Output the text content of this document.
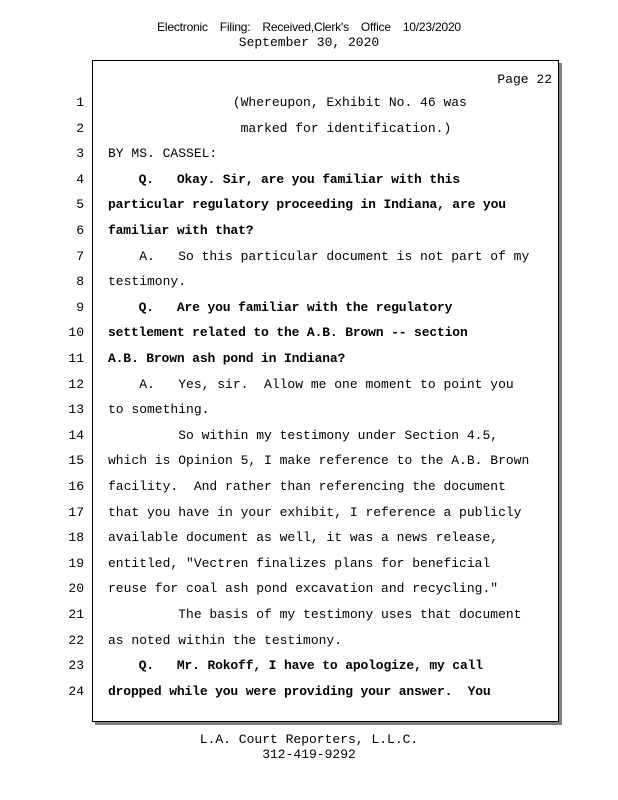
Electronic Filing: Received,Clerk's Office 10/23/2020
September 30, 2020
Page 22
1 (Whereupon, Exhibit No. 46 was
2 marked for identification.)
3 BY MS. CASSEL:
4 Q.   Okay. Sir, are you familiar with this
5 particular regulatory proceeding in Indiana, are you
6 familiar with that?
7 A.   So this particular document is not part of my
8 testimony.
9 Q.   Are you familiar with the regulatory
10 settlement related to the A.B. Brown -- section
11 A.B. Brown ash pond in Indiana?
12 A.   Yes, sir.  Allow me one moment to point you
13 to something.
14 So within my testimony under Section 4.5,
15 which is Opinion 5, I make reference to the A.B. Brown
16 facility.  And rather than referencing the document
17 that you have in your exhibit, I reference a publicly
18 available document as well, it was a news release,
19 entitled, "Vectren finalizes plans for beneficial
20 reuse for coal ash pond excavation and recycling."
21 The basis of my testimony uses that document
22 as noted within the testimony.
23 Q.   Mr. Rokoff, I have to apologize, my call
24 dropped while you were providing your answer.  You
L.A. Court Reporters, L.L.C.
312-419-9292
